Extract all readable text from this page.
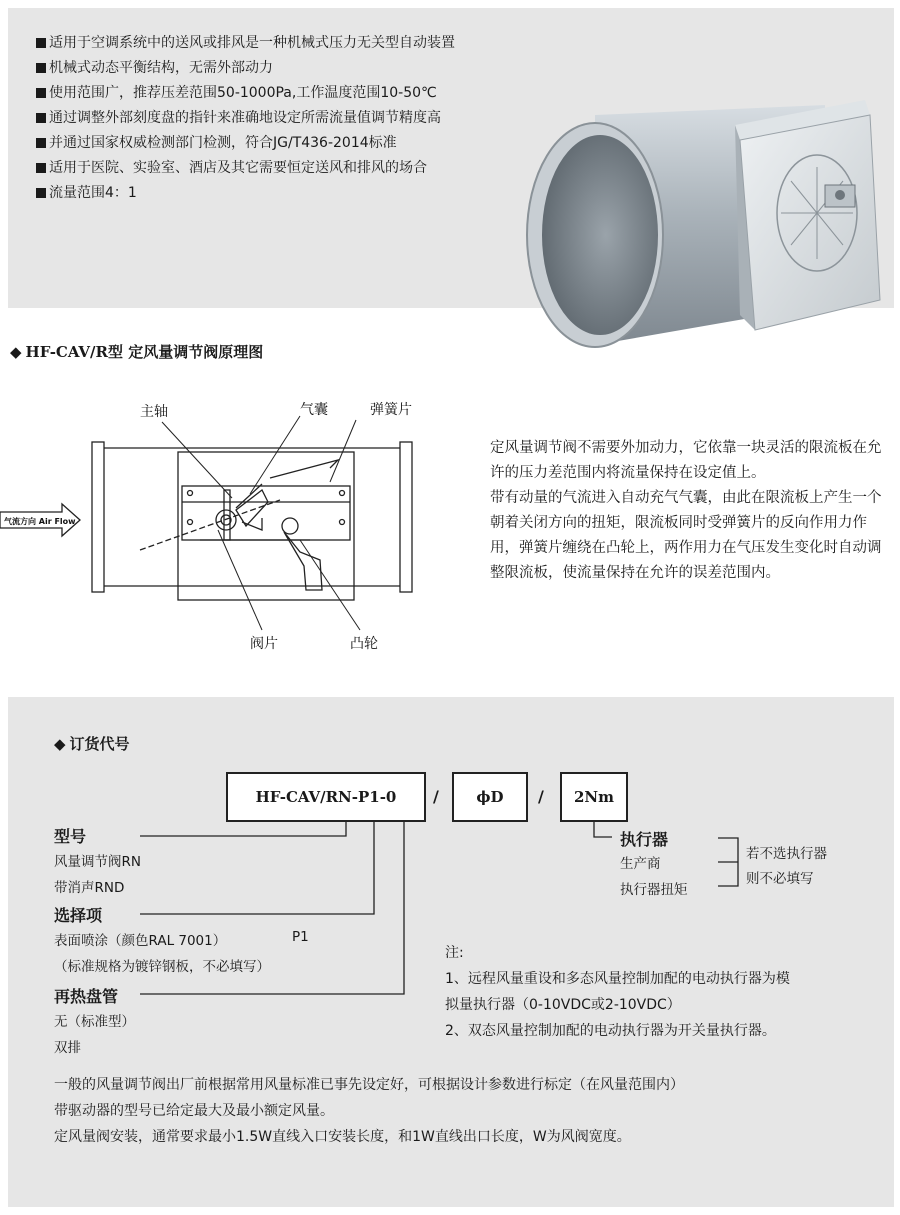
适用于空调系统中的送风或排风是一种机械式压力无关型自动装置
机械式动态平衡结构，无需外部动力
使用范围广，推荐压差范围50-1000Pa,工作温度范围10-50℃
通过调整外部刻度盘的指针来准确地设定所需流量值调节精度高
并通过国家权威检测部门检测，符合JG/T436-2014标准
适用于医院、实验室、酒店及其它需要恒定送风和排风的场合
流量范围4：1
◆ HF-CAV/R型 定风量调节阀原理图
气流方向 Air Flow
主轴	气囊	弹簧片
阀片	凸轮

定风量调节阀不需要外加动力，它依靠一块灵活的限流板在允许的压力差范围内将流量保持在设定值上。

带有动量的气流进入自动充气气囊，由此在限流板上产生一个朝着关闭方向的扭矩，限流板同时受弹簧片的反向作用力作用，弹簧片缠绕在凸轮上，两作用力在气压发生变化时自动调整限流板，使流量保持在允许的误差范围内。

◆ 订货代号
HF-CAV/RN-P1-0	/	ϕD	/	2Nm
型号
风量调节阀RN
带消声RND
选择项
表面喷涂（颜色RAL 7001）	P1
（标准规格为镀锌钢板，不必填写）
再热盘管
无（标准型）
双排
执行器
生产商
执行器扭矩
若不选执行器
则不必填写
注:
1、远程风量重设和多态风量控制加配的电动执行器为模
拟量执行器（0-10VDC或2-10VDC）
2、双态风量控制加配的电动执行器为开关量执行器。
一般的风量调节阀出厂前根据常用风量标准已事先设定好，可根据设计参数进行标定（在风量范围内）
带驱动器的型号已给定最大及最小额定风量。
定风量阀安装，通常要求最小1.5W直线入口安装长度，和1W直线出口长度，W为风阀宽度。
